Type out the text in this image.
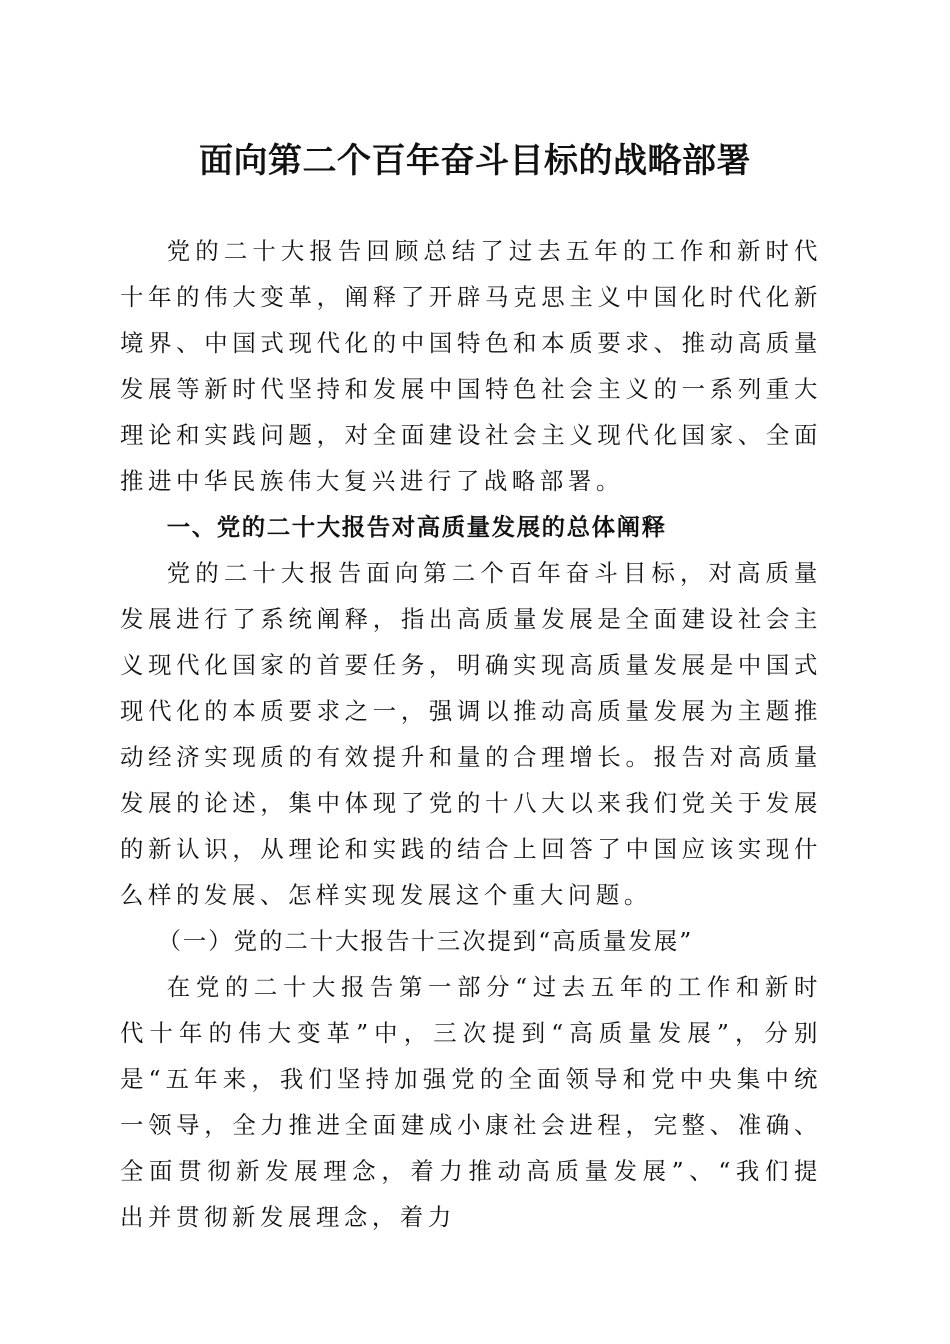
面向第二个百年奋斗目标的战略部署

党的二十大报告回顾总结了过去五年的工作和新时代十年的伟大变革，阐释了开辟马克思主义中国化时代化新境界、中国式现代化的中国特色和本质要求、推动高质量发展等新时代坚持和发展中国特色社会主义的一系列重大理论和实践问题，对全面建设社会主义现代化国家、全面推进中华民族伟大复兴进行了战略部署。

一、党的二十大报告对高质量发展的总体阐释

党的二十大报告面向第二个百年奋斗目标，对高质量发展进行了系统阐释，指出高质量发展是全面建设社会主义现代化国家的首要任务，明确实现高质量发展是中国式现代化的本质要求之一，强调以推动高质量发展为主题推动经济实现质的有效提升和量的合理增长。报告对高质量发展的论述，集中体现了党的十八大以来我们党关于发展的新认识，从理论和实践的结合上回答了中国应该实现什么样的发展、怎样实现发展这个重大问题。

（一）党的二十大报告十三次提到“高质量发展”

在党的二十大报告第一部分“过去五年的工作和新时代十年的伟大变革”中，三次提到“高质量发展”，分别是“五年来，我们坚持加强党的全面领导和党中央集中统一领导，全力推进全面建成小康社会进程，完整、准确、全面贯彻新发展理念，着力推动高质量发展”、“我们提出并贯彻新发展理念，着力
